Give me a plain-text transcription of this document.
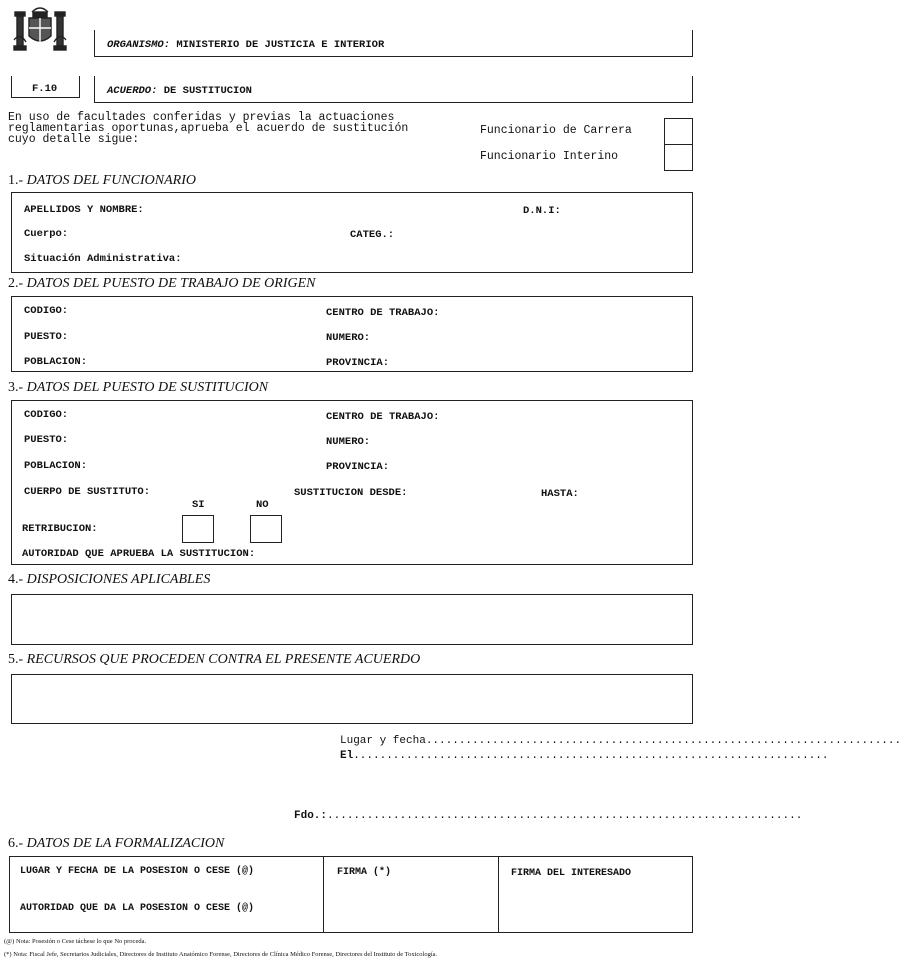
ORGANISMO: MINISTERIO DE JUSTICIA E INTERIOR
F.10	ACUERDO: DE SUSTITUCION
En uso de facultades conferidas y previas la actuaciones
reglamentarias oportunas,aprueba el acuerdo de sustitución
cuyo detalle sigue:
Funcionario de Carrera
Funcionario Interino
1.- DATOS DEL FUNCIONARIO
APELLIDOS Y NOMBRE:	D.N.I:
Cuerpo:	CATEG.:
Situación Administrativa:
2.- DATOS DEL PUESTO DE TRABAJO DE ORIGEN
CODIGO:	CENTRO DE TRABAJO:
PUESTO:	NUMERO:
POBLACION:	PROVINCIA:
3.- DATOS DEL PUESTO DE SUSTITUCION
CODIGO:	CENTRO DE TRABAJO:
PUESTO:	NUMERO:
POBLACION:	PROVINCIA:
CUERPO DE SUSTITUTO:	SUSTITUCION DESDE:	HASTA:
SI	NO
RETRIBUCION:
AUTORIDAD QUE APRUEBA LA SUSTITUCION:
4.- DISPOSICIONES APLICABLES
5.- RECURSOS QUE PROCEDEN CONTRA EL PRESENTE ACUERDO
Lugar y fecha........................................................................
El........................................................................
Fdo.:........................................................................
6.- DATOS DE LA FORMALIZACION
LUGAR Y FECHA DE LA POSESION O CESE (@)
AUTORIDAD QUE DA LA POSESION O CESE (@)
FIRMA (*)	FIRMA DEL INTERESADO
(@) Nota: Posesión o Cese táchese lo que No proceda.
(*) Nota: Fiscal Jefe, Secretarios Judiciales, Directores de Instituto Anatómico Forense, Directores de Clínica Médico Forense, Directores del Instituto de Toxicología.
